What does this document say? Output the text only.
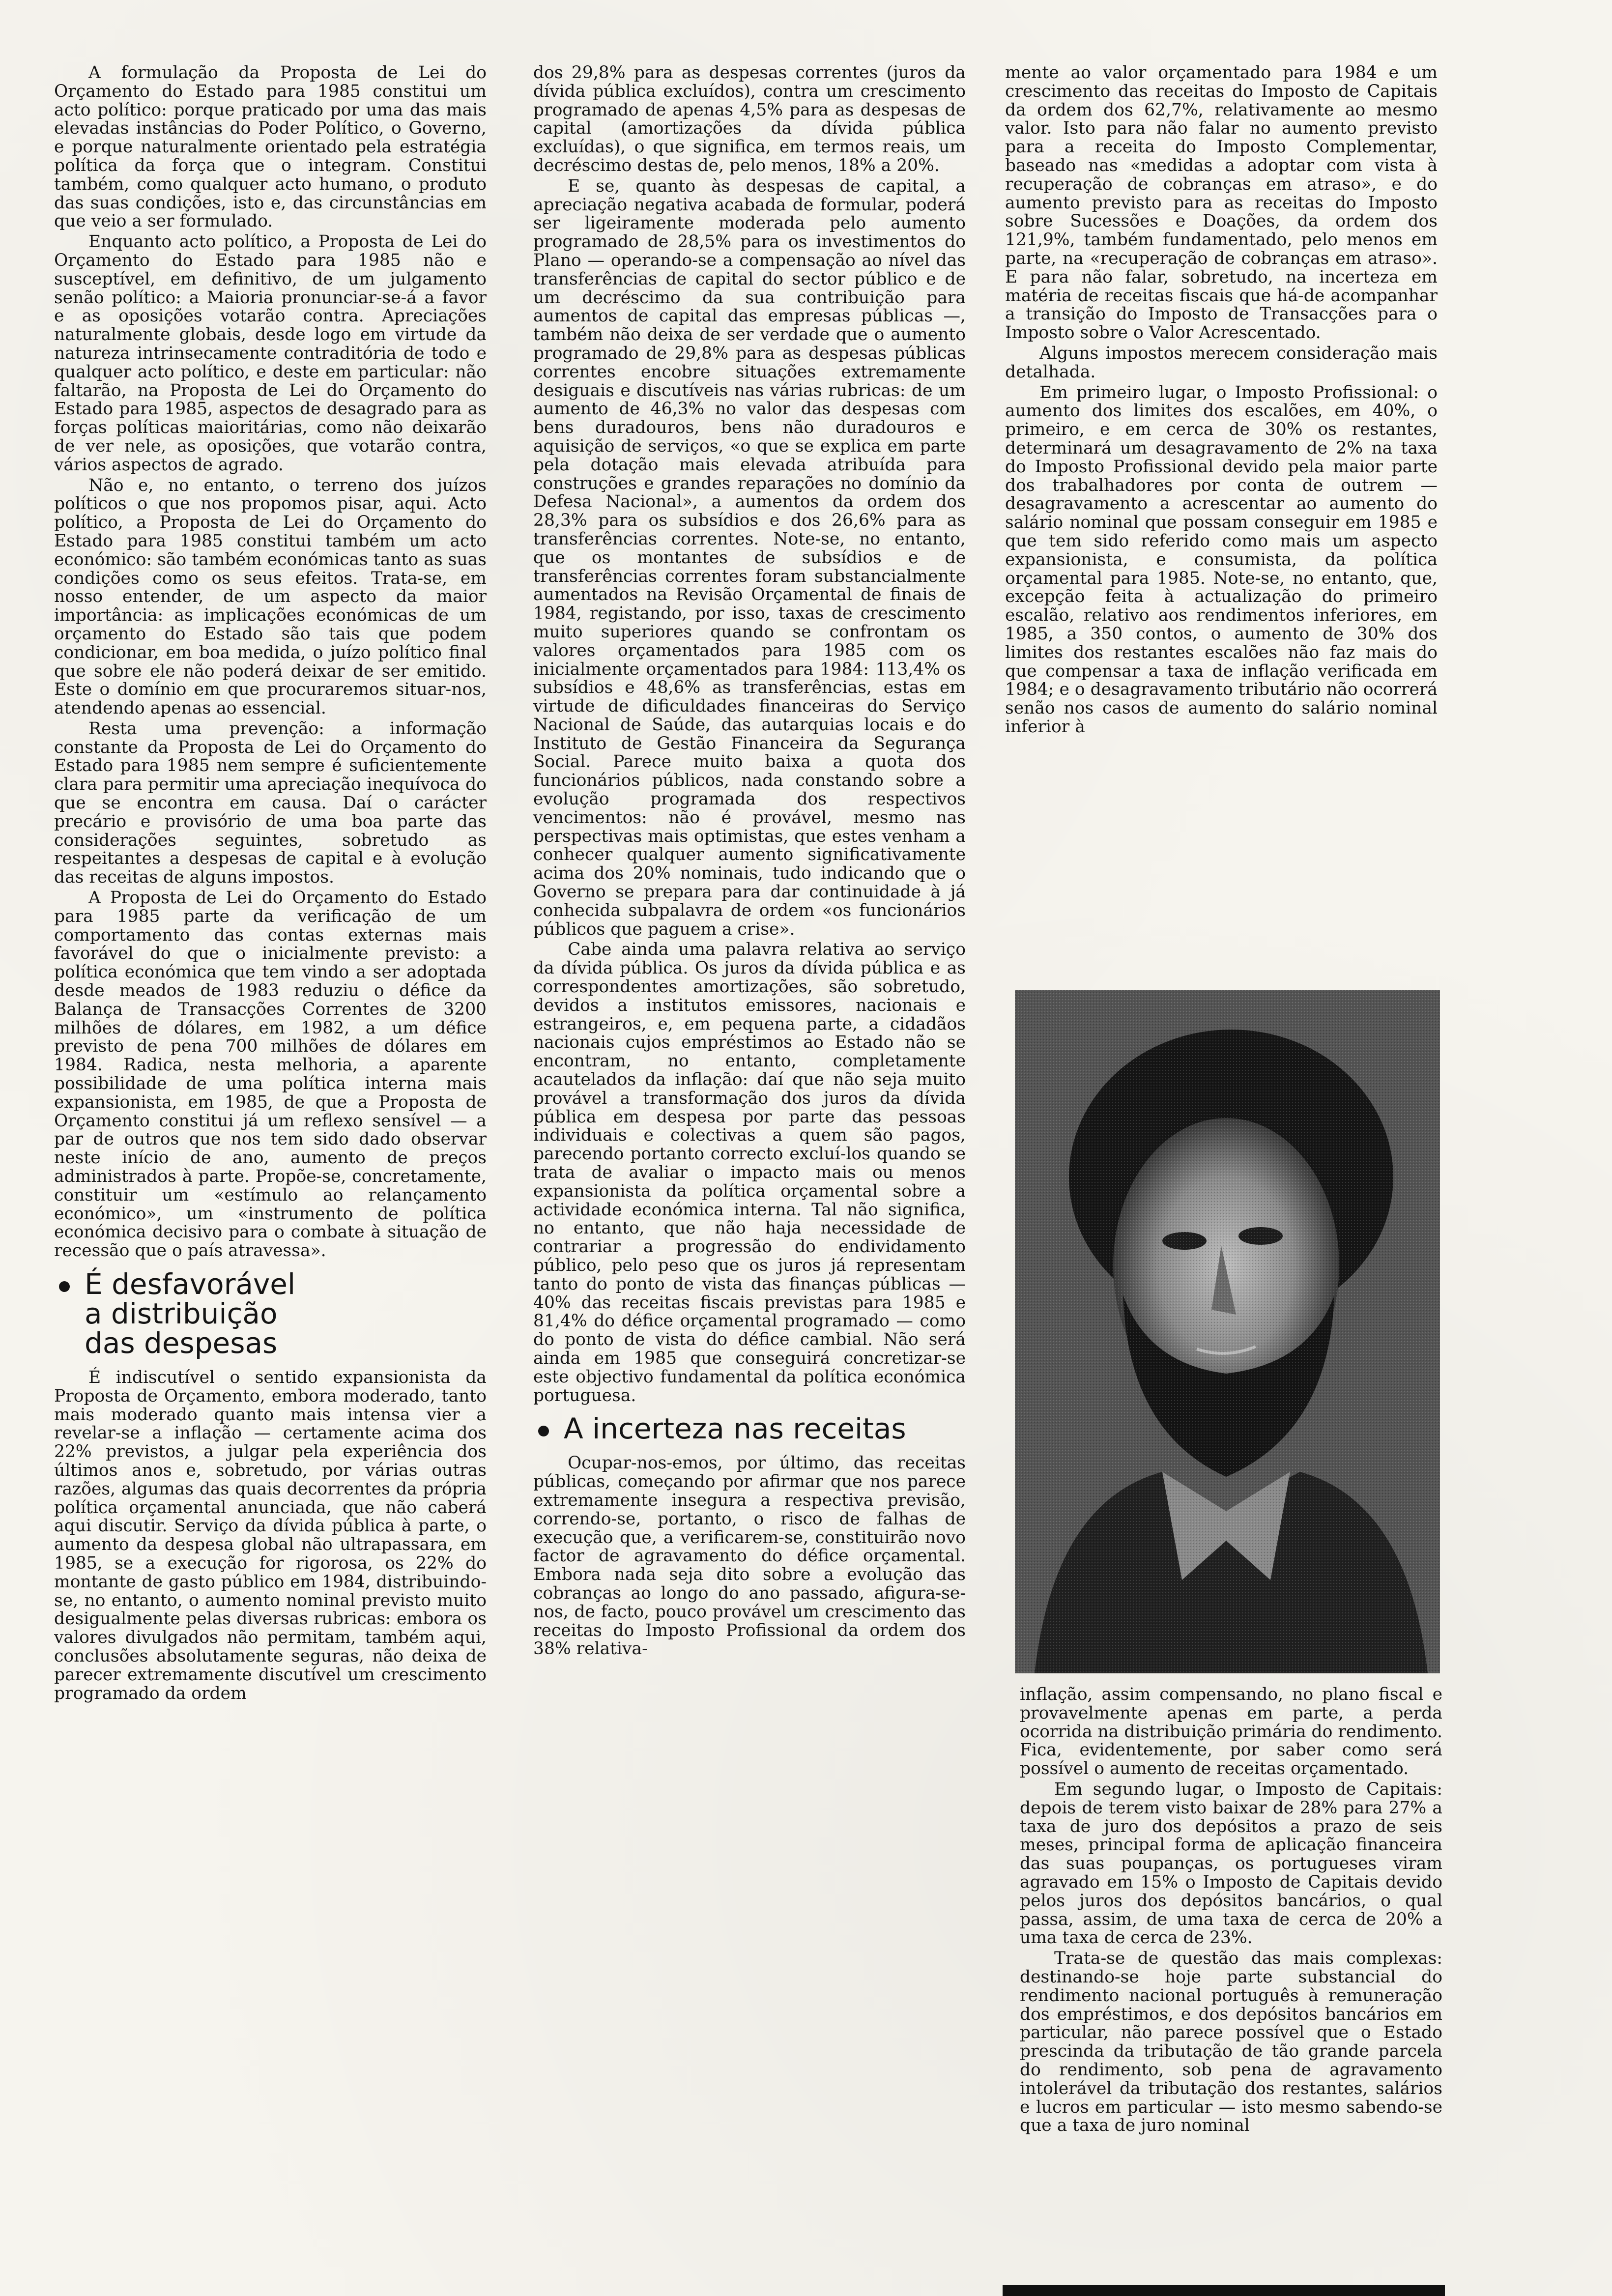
A formulação da Proposta de Lei do Orçamento do Estado para 1985 constitui um acto político: porque praticado por uma das mais elevadas instâncias do Poder Político, o Governo, e porque naturalmente orientado pela estratégia política da força que o integram. Constitui também, como qualquer acto humano, o produto das suas condições, isto e, das circunstâncias em que veio a ser formulado.

Enquanto acto político, a Proposta de Lei do Orçamento do Estado para 1985 não e susceptível, em definitivo, de um julgamento senão político: a Maioria pronunciar-se-á a favor e as oposições votarão contra. Apreciações naturalmente globais, desde logo em virtude da natureza intrinsecamente contraditória de todo e qualquer acto político, e deste em particular: não faltarão, na Proposta de Lei do Orçamento do Estado para 1985, aspectos de desagrado para as forças políticas maioritárias, como não deixarão de ver nele, as oposições, que votarão contra, vários aspectos de agrado.

Não e, no entanto, o terreno dos juízos políticos o que nos propomos pisar, aqui. Acto político, a Proposta de Lei do Orçamento do Estado para 1985 constitui também um acto económico: são também económicas tanto as suas condições como os seus efeitos. Trata-se, em nosso entender, de um aspecto da maior importância: as implicações económicas de um orçamento do Estado são tais que podem condicionar, em boa medida, o juízo político final que sobre ele não poderá deixar de ser emitido. Este o domínio em que procuraremos situar-nos, atendendo apenas ao essencial.

Resta uma prevenção: a informação constante da Proposta de Lei do Orçamento do Estado para 1985 nem sempre é suficientemente clara para permitir uma apreciação inequívoca do que se encontra em causa. Daí o carácter precário e provisório de uma boa parte das considerações seguintes, sobretudo as respeitantes a despesas de capital e à evolução das receitas de alguns impostos.

A Proposta de Lei do Orçamento do Estado para 1985 parte da verificação de um comportamento das contas externas mais favorável do que o inicialmente previsto: a política económica que tem vindo a ser adoptada desde meados de 1983 reduziu o défice da Balança de Transacções Correntes de 3200 milhões de dólares, em 1982, a um défice previsto de pena 700 milhões de dólares em 1984. Radica, nesta melhoria, a aparente possibilidade de uma política interna mais expansionista, em 1985, de que a Proposta de Orçamento constitui já um reflexo sensível — a par de outros que nos tem sido dado observar neste início de ano, aumento de preços administrados à parte. Propõe-se, concretamente, constituir um «estímulo ao relançamento económico», um «instrumento de política económica decisivo para o combate à situação de recessão que o país atravessa».

É desfavorável
a distribuição
das despesas

É indiscutível o sentido expansionista da Proposta de Orçamento, embora moderado, tanto mais moderado quanto mais intensa vier a revelar-se a inflação — certamente acima dos 22% previstos, a julgar pela experiência dos últimos anos e, sobretudo, por várias outras razões, algumas das quais decorrentes da própria política orçamental anunciada, que não caberá aqui discutir. Serviço da dívida pública à parte, o aumento da despesa global não ultrapassara, em 1985, se a execução for rigorosa, os 22% do montante de gasto público em 1984, distribuindo-se, no entanto, o aumento nominal previsto muito desigualmente pelas diversas rubricas: embora os valores divulgados não permitam, também aqui, conclusões absolutamente seguras, não deixa de parecer extremamente discutível um crescimento programado da ordem

dos 29,8% para as despesas correntes (juros da dívida pública excluídos), contra um crescimento programado de apenas 4,5% para as despesas de capital (amortizações da dívida pública excluídas), o que significa, em termos reais, um decréscimo destas de, pelo menos, 18% a 20%.

E se, quanto às despesas de capital, a apreciação negativa acabada de formular, poderá ser ligeiramente moderada pelo aumento programado de 28,5% para os investimentos do Plano — operando-se a compensação ao nível das transferências de capital do sector público e de um decréscimo da sua contribuição para aumentos de capital das empresas públicas —, também não deixa de ser verdade que o aumento programado de 29,8% para as despesas públicas correntes encobre situações extremamente desiguais e discutíveis nas várias rubricas: de um aumento de 46,3% no valor das despesas com bens duradouros, bens não duradouros e aquisição de serviços, «o que se explica em parte pela dotação mais elevada atribuída para construções e grandes reparações no domínio da Defesa Nacional», a aumentos da ordem dos 28,3% para os subsídios e dos 26,6% para as transferências correntes. Note-se, no entanto, que os montantes de subsídios e de transferências correntes foram substancialmente aumentados na Revisão Orçamental de finais de 1984, registando, por isso, taxas de crescimento muito superiores quando se confrontam os valores orçamentados para 1985 com os inicialmente orçamentados para 1984: 113,4% os subsídios e 48,6% as transferências, estas em virtude de dificuldades financeiras do Serviço Nacional de Saúde, das autarquias locais e do Instituto de Gestão Financeira da Segurança Social. Parece muito baixa a quota dos funcionários públicos, nada constando sobre a evolução programada dos respectivos vencimentos: não é provável, mesmo nas perspectivas mais optimistas, que estes venham a conhecer qualquer aumento significativamente acima dos 20% nominais, tudo indicando que o Governo se prepara para dar continuidade à já conhecida subpalavra de ordem «os funcionários públicos que paguem a crise».

Cabe ainda uma palavra relativa ao serviço da dívida pública. Os juros da dívida pública e as correspondentes amortizações, são sobretudo, devidos a institutos emissores, nacionais e estrangeiros, e, em pequena parte, a cidadãos nacionais cujos empréstimos ao Estado não se encontram, no entanto, completamente acautelados da inflação: daí que não seja muito provável a transformação dos juros da dívida pública em despesa por parte das pessoas individuais e colectivas a quem são pagos, parecendo portanto correcto excluí-los quando se trata de avaliar o impacto mais ou menos expansionista da política orçamental sobre a actividade económica interna. Tal não significa, no entanto, que não haja necessidade de contrariar a progressão do endividamento público, pelo peso que os juros já representam tanto do ponto de vista das finanças públicas — 40% das receitas fiscais previstas para 1985 e 81,4% do défice orçamental programado — como do ponto de vista do défice cambial. Não será ainda em 1985 que conseguirá concretizar-se este objectivo fundamental da política económica portuguesa.

A incerteza nas receitas

Ocupar-nos-emos, por último, das receitas públicas, começando por afirmar que nos parece extremamente insegura a respectiva previsão, correndo-se, portanto, o risco de falhas de execução que, a verificarem-se, constituirão novo factor de agravamento do défice orçamental. Embora nada seja dito sobre a evolução das cobranças ao longo do ano passado, afigura-se-nos, de facto, pouco provável um crescimento das receitas do Imposto Profissional da ordem dos 38% relativa-

mente ao valor orçamentado para 1984 e um crescimento das receitas do Imposto de Capitais da ordem dos 62,7%, relativamente ao mesmo valor. Isto para não falar no aumento previsto para a receita do Imposto Complementar, baseado nas «medidas a adoptar com vista à recuperação de cobranças em atraso», e do aumento previsto para as receitas do Imposto sobre Sucessões e Doações, da ordem dos 121,9%, também fundamentado, pelo menos em parte, na «recuperação de cobranças em atraso». E para não falar, sobretudo, na incerteza em matéria de receitas fiscais que há-de acompanhar a transição do Imposto de Transacções para o Imposto sobre o Valor Acrescentado.

Alguns impostos merecem consideração mais detalhada.

Em primeiro lugar, o Imposto Profissional: o aumento dos limites dos escalões, em 40%, o primeiro, e em cerca de 30% os restantes, determinará um desagravamento de 2% na taxa do Imposto Profissional devido pela maior parte dos trabalhadores por conta de outrem — desagravamento a acrescentar ao aumento do salário nominal que possam conseguir em 1985 e que tem sido referido como mais um aspecto expansionista, e consumista, da política orçamental para 1985. Note-se, no entanto, que, excepção feita à actualização do primeiro escalão, relativo aos rendimentos inferiores, em 1985, a 350 contos, o aumento de 30% dos limites dos restantes escalões não faz mais do que compensar a taxa de inflação verificada em 1984; e o desagravamento tributário não ocorrerá senão nos casos de aumento do salário nominal inferior à

inflação, assim compensando, no plano fiscal e provavelmente apenas em parte, a perda ocorrida na distribuição primária do rendimento. Fica, evidentemente, por saber como será possível o aumento de receitas orçamentado.

Em segundo lugar, o Imposto de Capitais: depois de terem visto baixar de 28% para 27% a taxa de juro dos depósitos a prazo de seis meses, principal forma de aplicação financeira das suas poupanças, os portugueses viram agravado em 15% o Imposto de Capitais devido pelos juros dos depósitos bancários, o qual passa, assim, de uma taxa de cerca de 20% a uma taxa de cerca de 23%.

Trata-se de questão das mais complexas: destinando-se hoje parte substancial do rendimento nacional português à remuneração dos empréstimos, e dos depósitos bancários em particular, não parece possível que o Estado prescinda da tributação de tão grande parcela do rendimento, sob pena de agravamento intolerável da tributação dos restantes, salários e lucros em particular — isto mesmo sabendo-se que a taxa de juro nominal
